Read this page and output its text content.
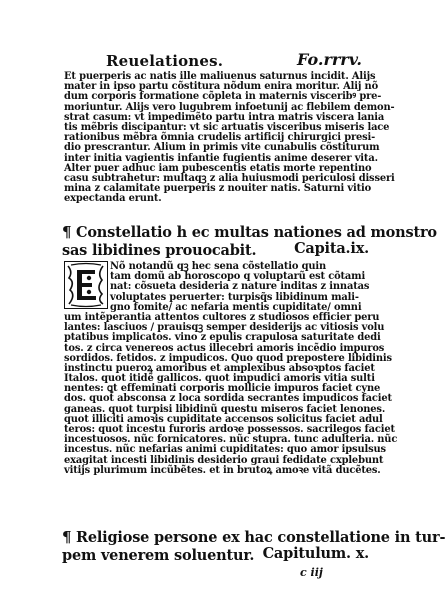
Reuelationes.	Fo.rrrv.
Et puerperis ac natis ille maliuenus saturnus incidit. Alijs
mater in ipso partu cõstitura nõdum enira moritur. Alij nõ
dum corporis formatione cõpleta in maternis visceribꝰ pre-
moriuntur. Alijs vero lugubrem infoetunij ac flebilem demon-
strat casum: vt impedimẽto partu intra matris viscera lania
tis mẽbris discipantur: vt sic artuatis visceribus miseris lace
rationibus mẽbra õmnia crudelis artificij chirurgici presi-
dio prescrantur. Alium in primis vite cunabulis cõstiturum
inter initia vagientis infantie fugientis anime deserer vita.
Alter puer adhuc iam pubescentis etatis morte repentino
casu subtrahetur: multaqꝫ z alia huiusmodi periculosi disseri
mina z calamitate puerperis z nouiter natis. Saturni vitio
expectanda erunt.
¶ Constellatio h ec multas nationes ad monstro
sas libidines prouocabit.	Capita.ix.
Nõ notandũ qꝫ hec sena cõstellatio quin
tam domũ ab horoscopo q voluptarũ est cõtami
nat: cõsueta desideria z nature inditas z innatas
voluptates peruerter: turpisq̃s libidinum mali-
gno fomite/ ac nefaria mentis cupiditate/ omni
um intẽperantia attentos cultores z studiosos efficier peru
lantes: lasciuos / prauisqꝫ semper desiderijs ac vitiosis volu
ptatibus implicatos. vino z epulis crapulosa saturitate dedi
tos. z circa venereos actus illecebri amoris incẽdio impuros
sordidos. fetidos. z impudicos. Quo quod prepostere libidinis
instinctu pueroꝝ amoribus et amplexibus absoꝛptos faciet
Italos. quot itidẽ gallicos. quot impudici amoris vitia sulti
nentes: ꝗt effeminati corporis mollicie impuros faciet cyne
dos. quot absconsa z loca sordida secrantes impudicos faciet
ganeas. quot turpisi libidinũ questu miseros faciet lenones.
quot illiciti amoꝛis cupiditate accensos solicitus faciet adul
teros: quot incestu furoris ardoꝛe possessos. sacrilegos faciet
incestuosos. nũc fornicatores. nũc stupra. tunc adulteria. nũc
incestus. nũc nefarias animi cupiditates: quo amor ipsulsus
exagitat incesti libidinis desiderio graui fedidate cxplebunt
vitijs plurimum incũbẽtes. et in brutoꝝ amoꝛe vitã ducẽtes.
¶ Religiose persone ex hac constellatione in tur-
pem venerem soluentur. Capitulum. x.
c iij
